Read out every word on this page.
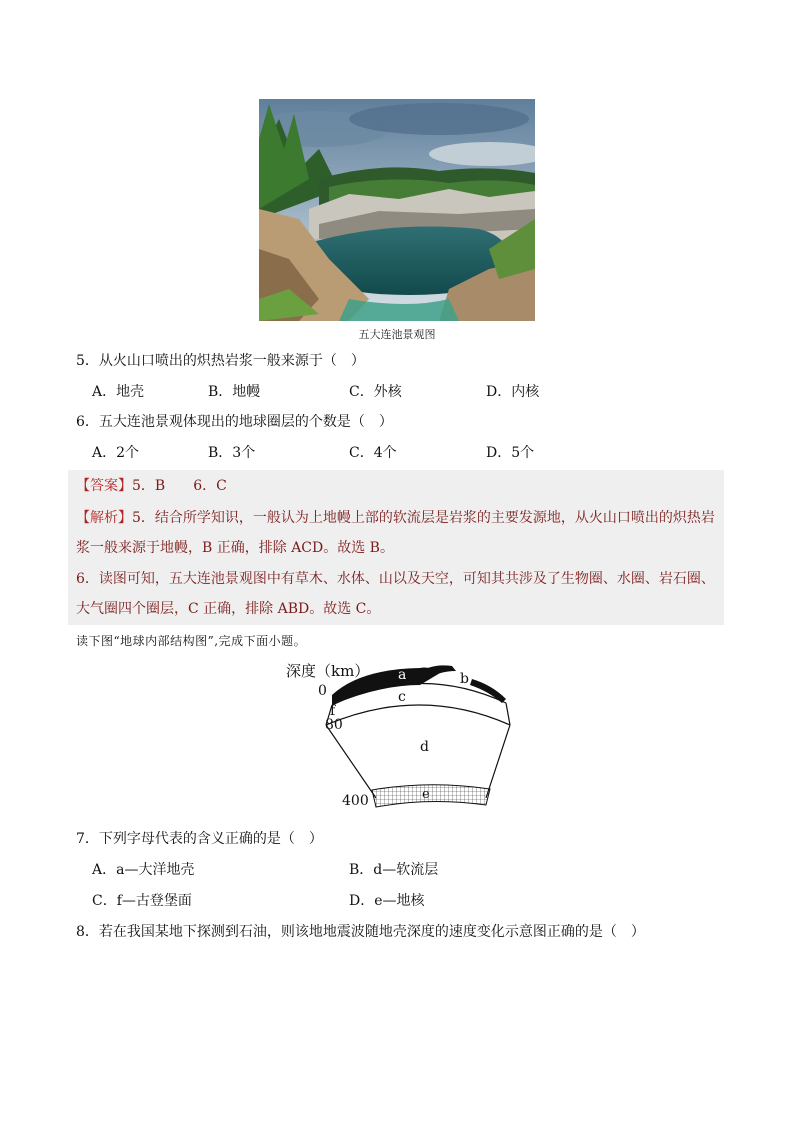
五大连池景观图
5．从火山口喷出的炽热岩浆一般来源于（　）
A．地壳	B．地幔	C．外核	D．内核
6．五大连池景观体现出的地球圈层的个数是（　）
A．2个	B．3个	C．4个	D．5个
【答案】5．B　　6．C
【解析】5．结合所学知识，一般认为上地幔上部的软流层是岩浆的主要发源地，从火山口喷出的炽热岩
浆一般来源于地幔，B 正确，排除 ACD。故选 B。
6．读图可知，五大连池景观图中有草木、水体、山以及天空，可知其共涉及了生物圈、水圈、岩石圈、
大气圈四个圈层，C 正确，排除 ABD。故选 C。
读下图“地球内部结构图”,完成下面小题。
深度（km）
0
80
400
a	b
c
d
e
f
7．下列字母代表的含义正确的是（　）
A．a—大洋地壳	B．d—软流层
C．f—古登堡面	D．e—地核
8．若在我国某地下探测到石油，则该地地震波随地壳深度的速度变化示意图正确的是（　）
